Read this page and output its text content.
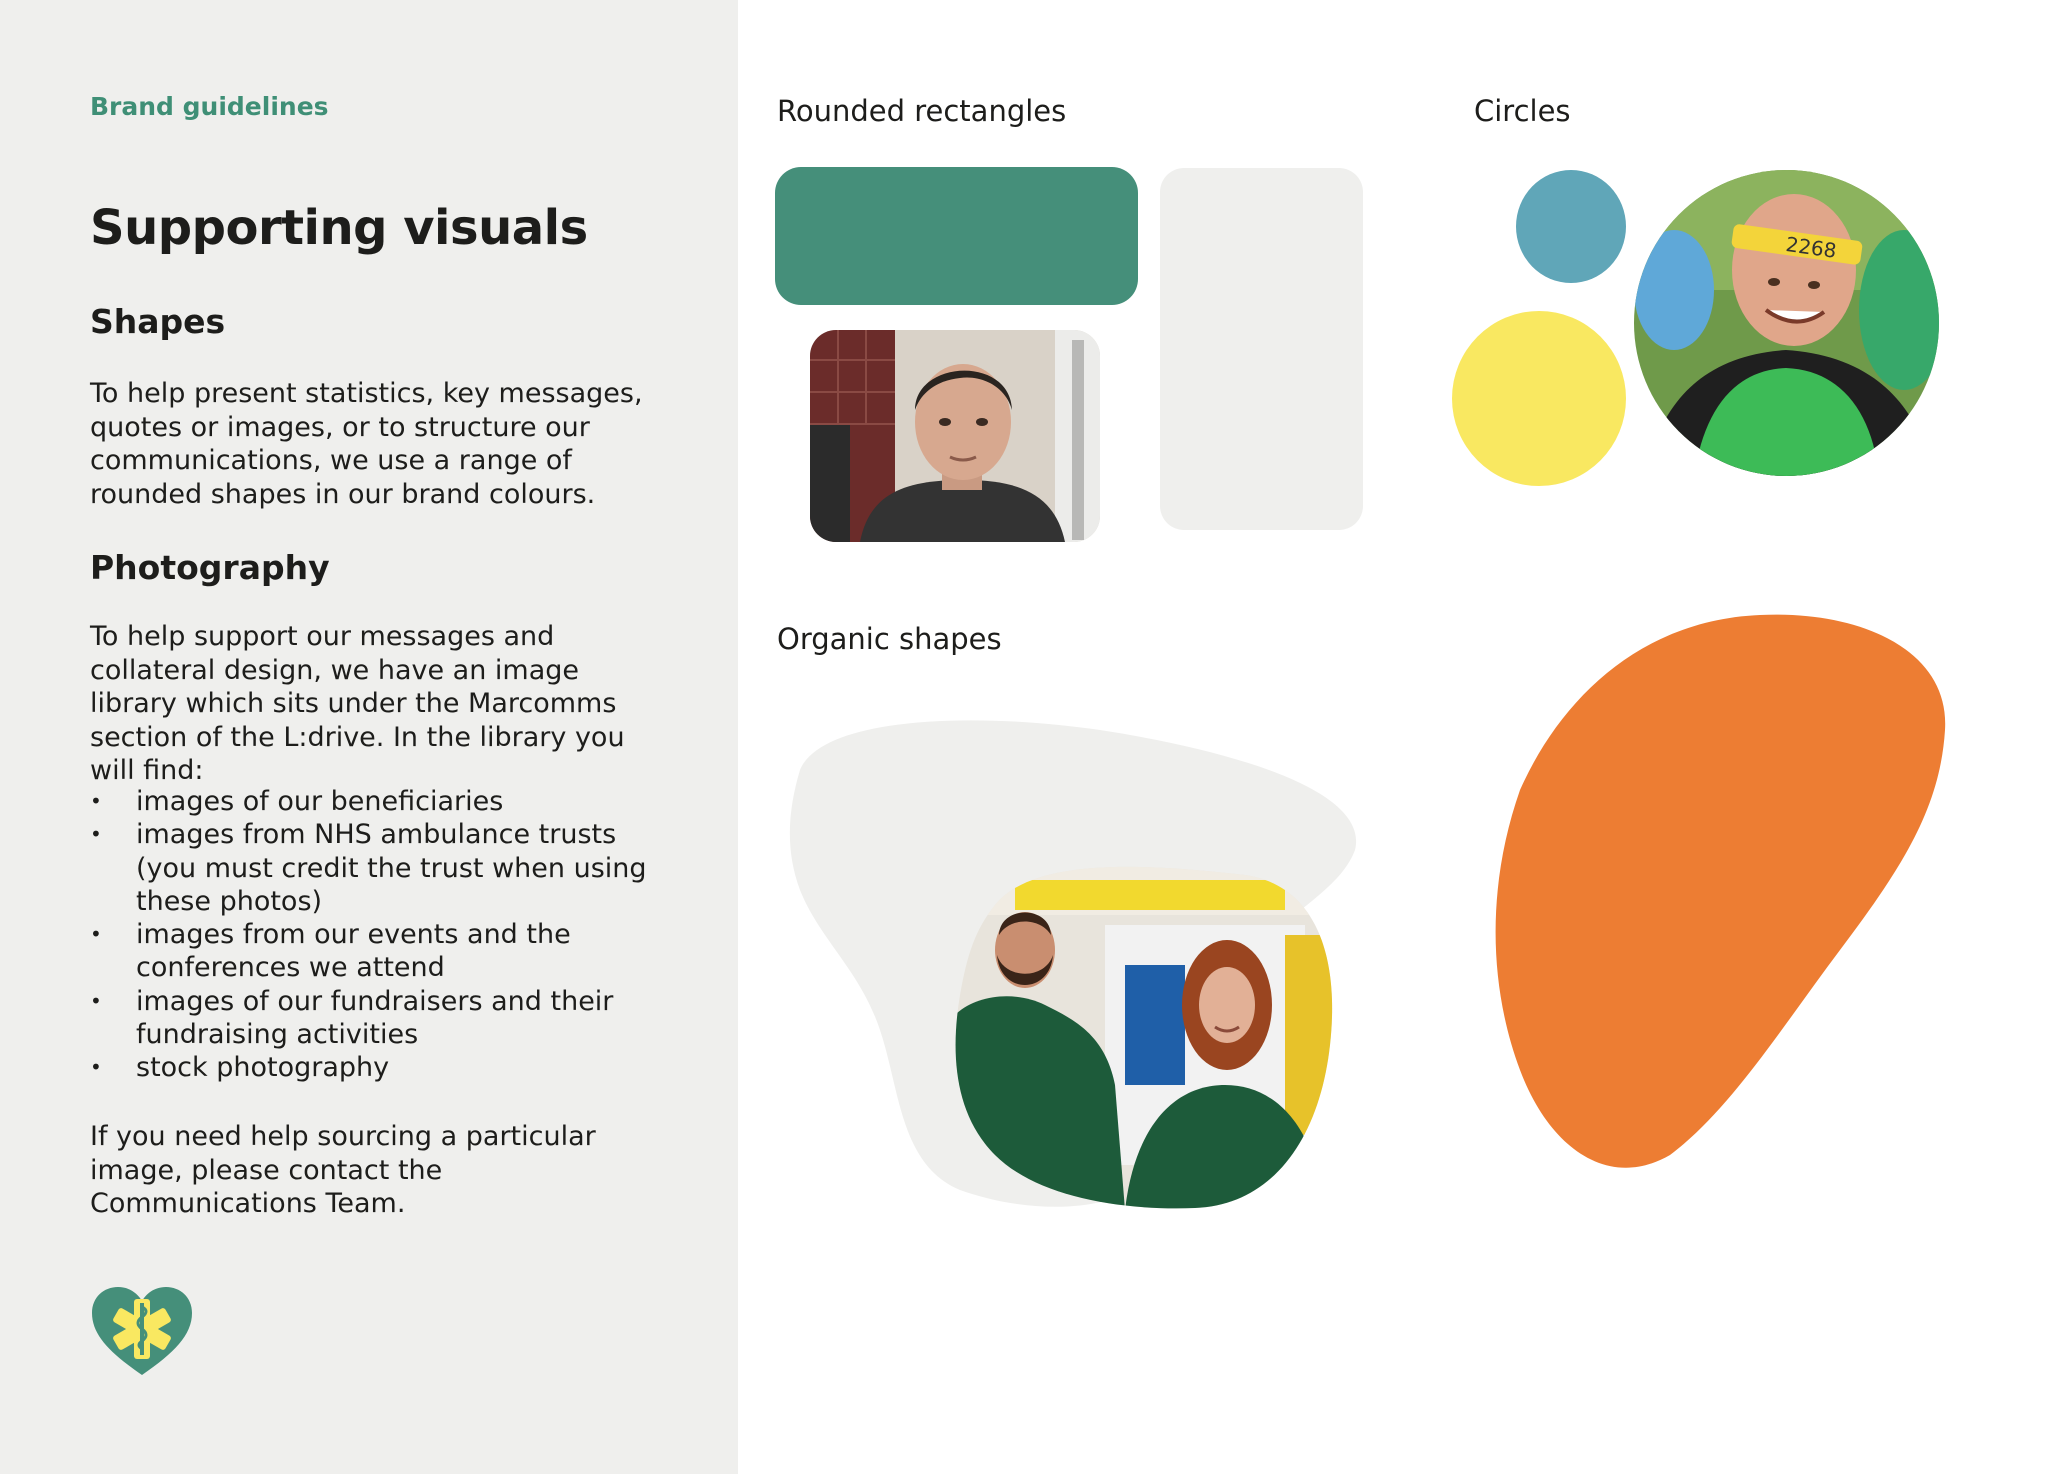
Brand guidelines
Supporting visuals
Shapes

To help present statistics, key messages, quotes or images, or to structure our communications, we use a range of rounded shapes in our brand colours.

Photography

To help support our messages and collateral design, we have an image library which sits under the Marcomms section of the L:drive. In the library you will find:

• images of our beneficiaries
• images from NHS ambulance trusts (you must credit the trust when using these photos)
• images from our events and the conferences we attend
• images of our fundraisers and their fundraising activities
• stock photography

If you need help sourcing a particular image, please contact the Communications Team.

Rounded rectangles	Circles
Organic shapes
2268
